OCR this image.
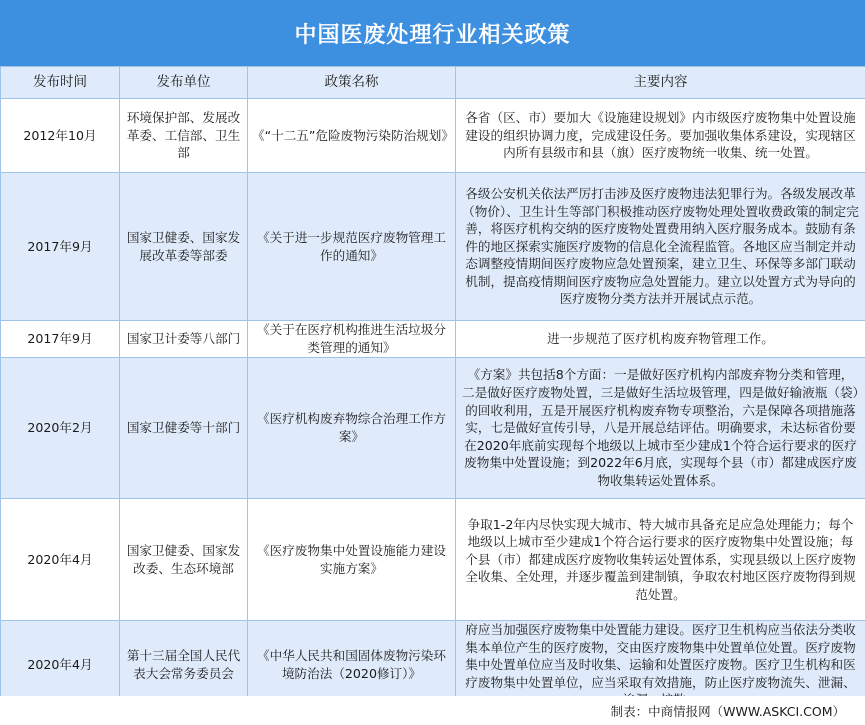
中国医废处理行业相关政策
发布时间	发布单位	政策名称	主要内容
2012年10月	环境保护部、发展改革委、工信部、卫生部	《“十二五”危险废物污染防治规划》	各省（区、市）要加大《设施建设规划》内市级医疗废物集中处置设施建设的组织协调力度，完成建设任务。要加强收集体系建设，实现辖区内所有县级市和县（旗）医疗废物统一收集、统一处置。
2017年9月	国家卫健委、国家发展改革委等部委	《关于进一步规范医疗废物管理工作的通知》	各级公安机关依法严厉打击涉及医疗废物违法犯罪行为。各级发展改革（物价）、卫生计生等部门积极推动医疗废物处理处置收费政策的制定完善，将医疗机构交纳的医疗废物处置费用纳入医疗服务成本。鼓励有条件的地区探索实施医疗废物的信息化全流程监管。各地区应当制定并动态调整疫情期间医疗废物应急处置预案，建立卫生、环保等多部门联动机制，提高疫情期间医疗废物应急处置能力。建立以处置方式为导向的医疗废物分类方法并开展试点示范。
2017年9月	国家卫计委等八部门	《关于在医疗机构推进生活垃圾分类管理的通知》	进一步规范了医疗机构废弃物管理工作。
2020年2月	国家卫健委等十部门	《医疗机构废弃物综合治理工作方案》	《方案》共包括8个方面：一是做好医疗机构内部废弃物分类和管理，二是做好医疗废物处置，三是做好生活垃圾管理，四是做好输液瓶（袋）的回收利用，五是开展医疗机构废弃物专项整治，六是保障各项措施落实，七是做好宣传引导，八是开展总结评估。明确要求，未达标省份要在2020年底前实现每个地级以上城市至少建成1个符合运行要求的医疗废物集中处置设施；到2022年6月底，实现每个县（市）都建成医疗废物收集转运处置体系。
2020年4月	国家卫健委、国家发改委、生态环境部	《医疗废物集中处置设施能力建设实施方案》	争取1-2年内尽快实现大城市、特大城市具备充足应急处理能力；每个地级以上城市至少建成1个符合运行要求的医疗废物集中处置设施；每个县（市）都建成医疗废物收集转运处置体系，实现县级以上医疗废物全收集、全处理，并逐步覆盖到建制镇，争取农村地区医疗废物得到规范处置。
2020年4月	第十三届全国人民代表大会常务委员会	《中华人民共和国固体废物污染环境防治法（2020修订）》	府应当加强医疗废物集中处置能力建设。医疗卫生机构应当依法分类收集本单位产生的医疗废物，交由医疗废物集中处置单位处置。医疗废物集中处置单位应当及时收集、运输和处置医疗废物。医疗卫生机构和医疗废物集中处置单位，应当采取有效措施，防止医疗废物流失、泄漏、
制表：中商情报网（WWW.ASKCI.COM）
